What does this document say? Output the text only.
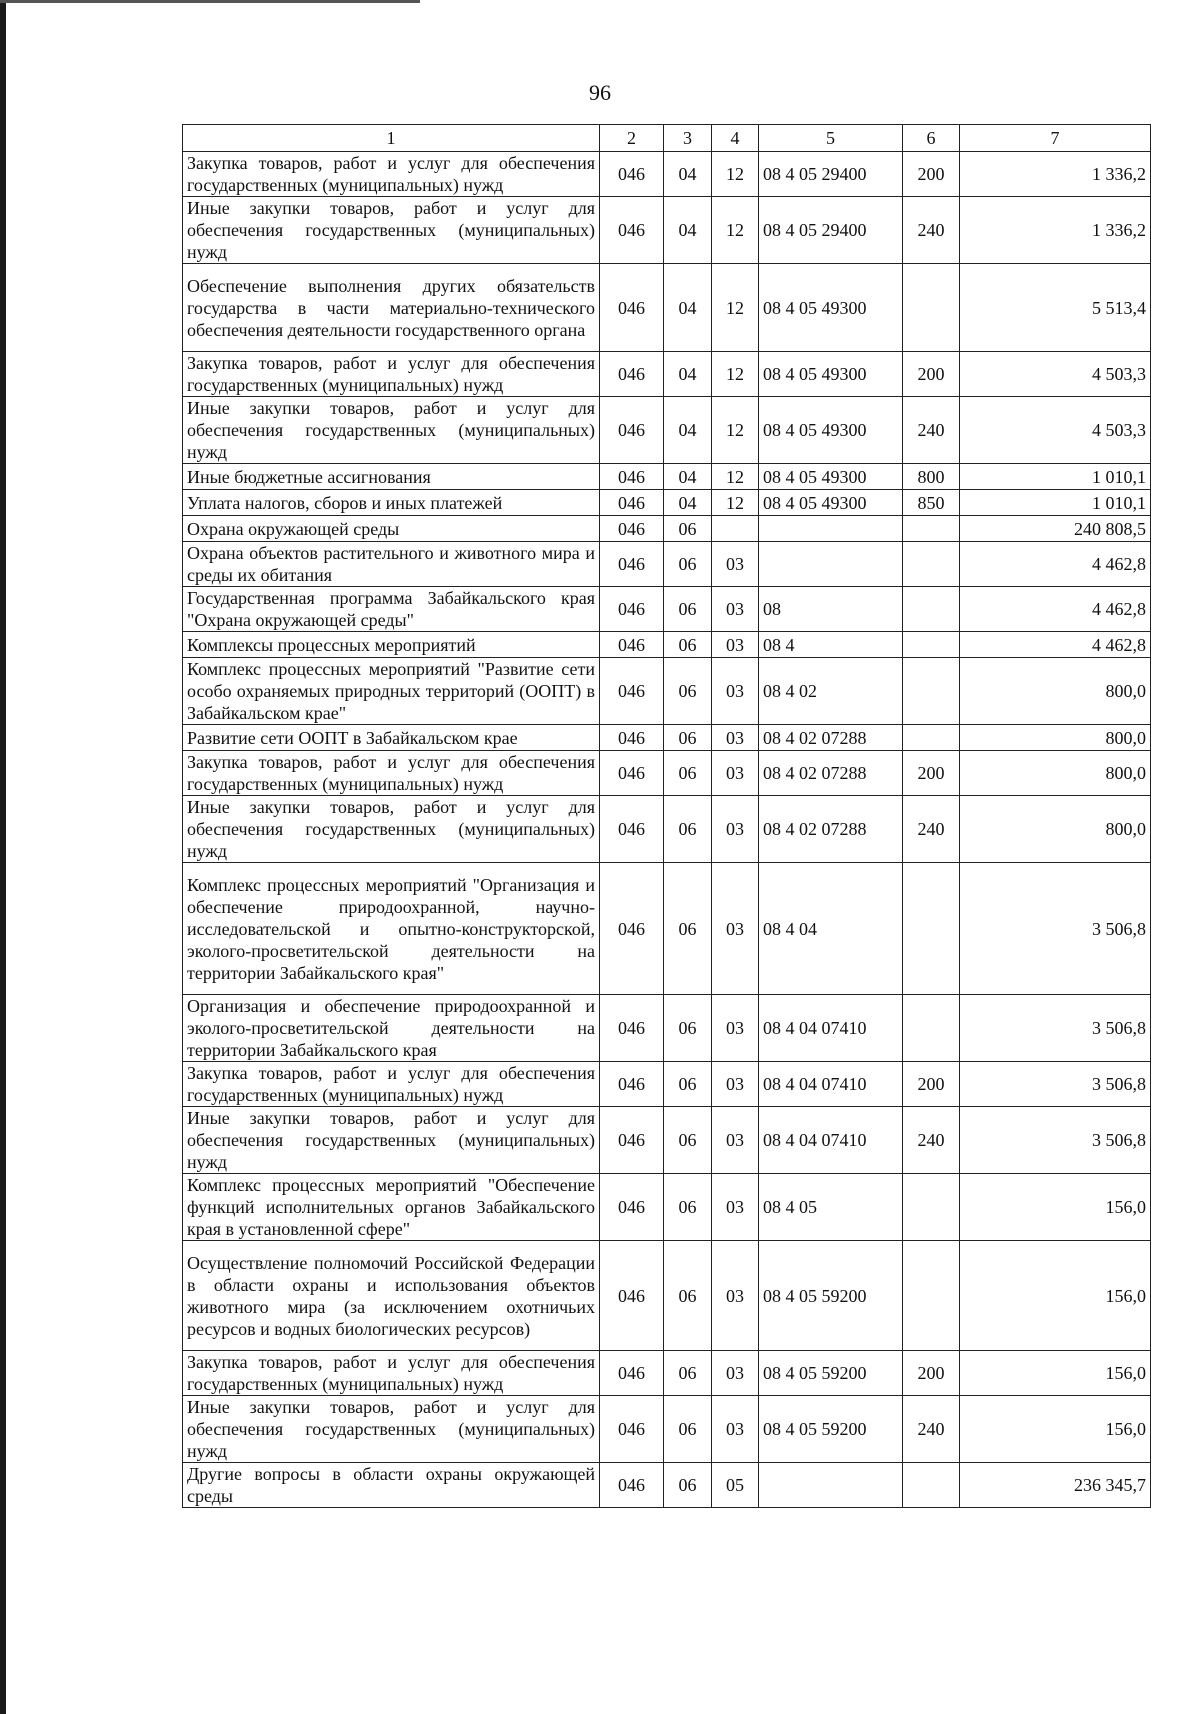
96
1	2	3	4	5	6	7
Закупка товаров, работ и услуг для обеспечения государственных (муниципальных) нужд	046	04	12	08 4 05 29400	200	1 336,2
Иные закупки товаров, работ и услуг для обеспечения государственных (муниципальных) нужд	046	04	12	08 4 05 29400	240	1 336,2
Обеспечение выполнения других обязательств государства в части материально-технического обеспечения деятельности государственного органа	046	04	12	08 4 05 49300		5 513,4
Закупка товаров, работ и услуг для обеспечения государственных (муниципальных) нужд	046	04	12	08 4 05 49300	200	4 503,3
Иные закупки товаров, работ и услуг для обеспечения государственных (муниципальных) нужд	046	04	12	08 4 05 49300	240	4 503,3
Иные бюджетные ассигнования	046	04	12	08 4 05 49300	800	1 010,1
Уплата налогов, сборов и иных платежей	046	04	12	08 4 05 49300	850	1 010,1
Охрана окружающей среды	046	06				240 808,5
Охрана объектов растительного и животного мира и среды их обитания	046	06	03			4 462,8
Государственная программа Забайкальского края "Охрана окружающей среды"	046	06	03	08		4 462,8
Комплексы процессных мероприятий	046	06	03	08 4		4 462,8
Комплекс процессных мероприятий "Развитие сети особо охраняемых природных территорий (ООПТ) в Забайкальском крае"	046	06	03	08 4 02		800,0
Развитие сети ООПТ в Забайкальском крае	046	06	03	08 4 02 07288		800,0
Закупка товаров, работ и услуг для обеспечения государственных (муниципальных) нужд	046	06	03	08 4 02 07288	200	800,0
Иные закупки товаров, работ и услуг для обеспечения государственных (муниципальных) нужд	046	06	03	08 4 02 07288	240	800,0
Комплекс процессных мероприятий "Организация и обеспечение природоохранной, научно-исследовательской и опытно-конструкторской, эколого-просветительской деятельности на территории Забайкальского края"	046	06	03	08 4 04		3 506,8
Организация и обеспечение природоохранной и эколого-просветительской деятельности на территории Забайкальского края	046	06	03	08 4 04 07410		3 506,8
Закупка товаров, работ и услуг для обеспечения государственных (муниципальных) нужд	046	06	03	08 4 04 07410	200	3 506,8
Иные закупки товаров, работ и услуг для обеспечения государственных (муниципальных) нужд	046	06	03	08 4 04 07410	240	3 506,8
Комплекс процессных мероприятий "Обеспечение функций исполнительных органов Забайкальского края в установленной сфере"	046	06	03	08 4 05		156,0
Осуществление полномочий Российской Федерации в области охраны и использования объектов животного мира (за исключением охотничьих ресурсов и водных биологических ресурсов)	046	06	03	08 4 05 59200		156,0
Закупка товаров, работ и услуг для обеспечения государственных (муниципальных) нужд	046	06	03	08 4 05 59200	200	156,0
Иные закупки товаров, работ и услуг для обеспечения государственных (муниципальных) нужд	046	06	03	08 4 05 59200	240	156,0
Другие вопросы в области охраны окружающей среды	046	06	05			236 345,7
